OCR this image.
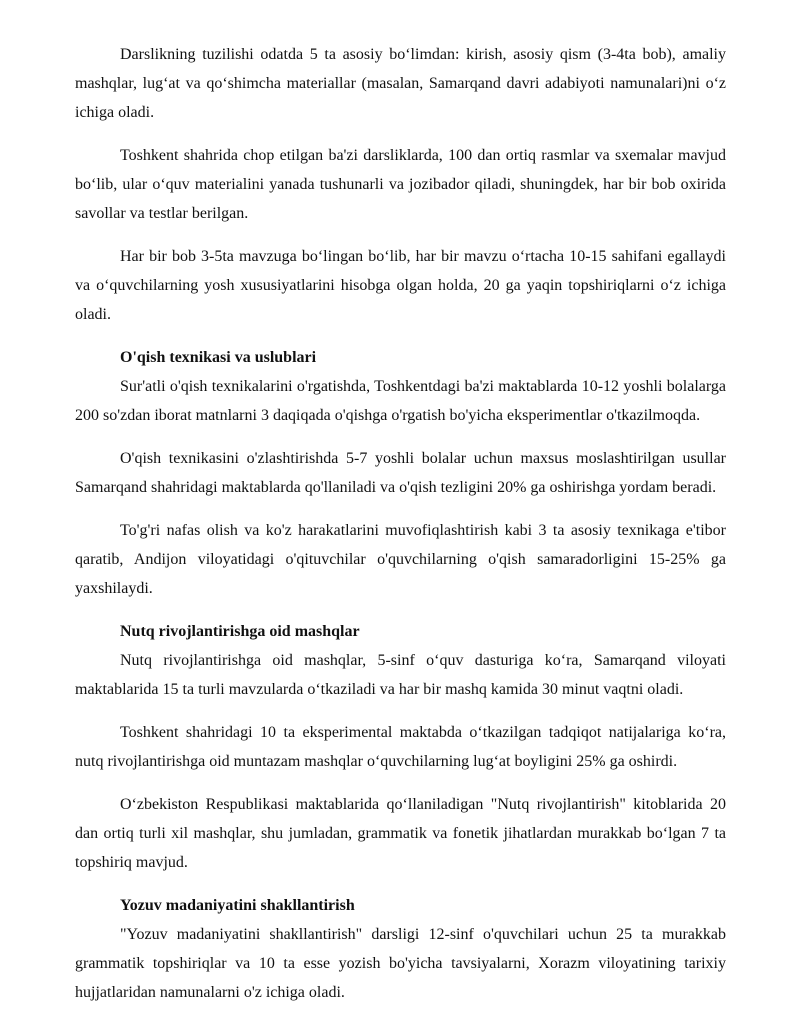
Darslikning tuzilishi odatda 5 ta asosiy bo‘limdan: kirish, asosiy qism (3-4ta bob), amaliy mashqlar, lug‘at va qo‘shimcha materiallar (masalan, Samarqand davri adabiyoti namunalari)ni o‘z ichiga oladi.

Toshkent shahrida chop etilgan ba'zi darsliklarda, 100 dan ortiq rasmlar va sxemalar mavjud bo‘lib, ular o‘quv materialini yanada tushunarli va jozibador qiladi, shuningdek, har bir bob oxirida savollar va testlar berilgan.

Har bir bob 3-5ta mavzuga bo‘lingan bo‘lib, har bir mavzu o‘rtacha 10-15 sahifani egallaydi va o‘quvchilarning yosh xususiyatlarini hisobga olgan holda, 20 ga yaqin topshiriqlarni o‘z ichiga oladi.

O'qish texnikasi va uslublari

Sur'atli o'qish texnikalarini o'rgatishda, Toshkentdagi ba'zi maktablarda 10-12 yoshli bolalarga 200 so'zdan iborat matnlarni 3 daqiqada o'qishga o'rgatish bo'yicha eksperimentlar o'tkazilmoqda.

O'qish texnikasini o'zlashtirishda 5-7 yoshli bolalar uchun maxsus moslashtirilgan usullar Samarqand shahridagi maktablarda qo'llaniladi va o'qish tezligini 20% ga oshirishga yordam beradi.

To'g'ri nafas olish va ko'z harakatlarini muvofiqlashtirish kabi 3 ta asosiy texnikaga e'tibor qaratib, Andijon viloyatidagi o'qituvchilar o'quvchilarning o'qish samaradorligini 15-25% ga yaxshilaydi.

Nutq rivojlantirishga oid mashqlar

Nutq rivojlantirishga oid mashqlar, 5-sinf o‘quv dasturiga ko‘ra, Samarqand viloyati maktablarida 15 ta turli mavzularda o‘tkaziladi va har bir mashq kamida 30 minut vaqtni oladi.

Toshkent shahridagi 10 ta eksperimental maktabda o‘tkazilgan tadqiqot natijalariga ko‘ra, nutq rivojlantirishga oid muntazam mashqlar o‘quvchilarning lug‘at boyligini 25% ga oshirdi.

O‘zbekiston Respublikasi maktablarida qo‘llaniladigan "Nutq rivojlantirish" kitoblarida 20 dan ortiq turli xil mashqlar, shu jumladan, grammatik va fonetik jihatlardan murakkab bo‘lgan 7 ta topshiriq mavjud.

Yozuv madaniyatini shakllantirish

"Yozuv madaniyatini shakllantirish" darsligi 12-sinf o'quvchilari uchun 25 ta murakkab grammatik topshiriqlar va 10 ta esse yozish bo'yicha tavsiyalarni, Xorazm viloyatining tarixiy hujjatlaridan namunalarni o'z ichiga oladi.
